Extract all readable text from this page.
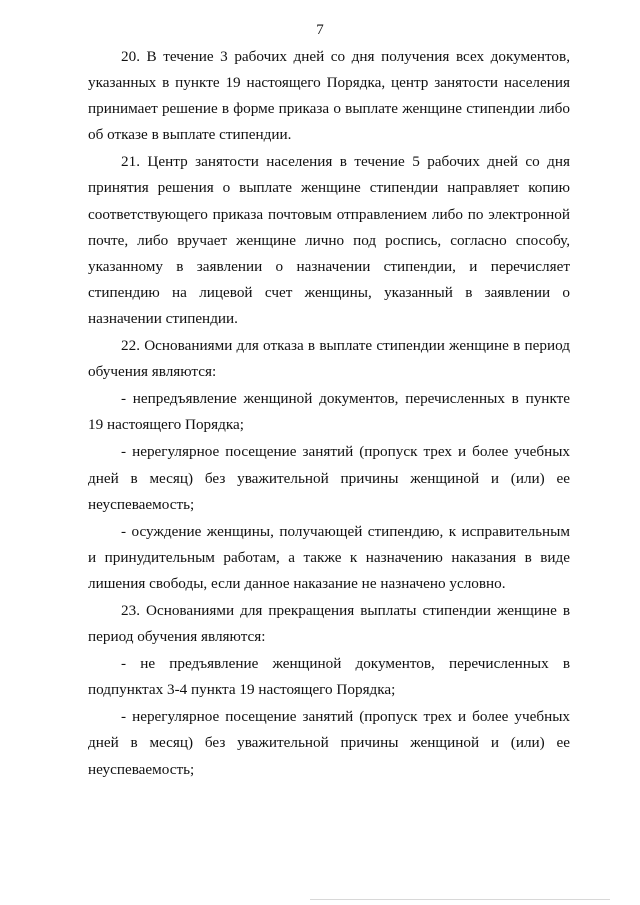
7

20. В течение 3 рабочих дней со дня получения всех документов, указанных в пункте 19 настоящего Порядка, центр занятости населения принимает решение в форме приказа о выплате женщине стипендии либо об отказе в выплате стипендии.

21. Центр занятости населения в течение 5 рабочих дней со дня принятия решения о выплате женщине стипендии направляет копию соответствующего приказа почтовым отправлением либо по электронной почте, либо вручает женщине лично под роспись, согласно способу, указанному в заявлении о назначении стипендии, и перечисляет стипендию на лицевой счет женщины, указанный в заявлении о назначении стипендии.

22. Основаниями для отказа в выплате стипендии женщине в период обучения являются:

- непредъявление женщиной документов, перечисленных в пункте 19 настоящего Порядка;

- нерегулярное посещение занятий (пропуск трех и более учебных дней в месяц) без уважительной причины женщиной и (или) ее неуспеваемость;

- осуждение женщины, получающей стипендию, к исправительным и принудительным работам, а также к назначению наказания в виде лишения свободы, если данное наказание не назначено условно.

23. Основаниями для прекращения выплаты стипендии женщине в период обучения являются:

- не предъявление женщиной документов, перечисленных в подпунктах 3-4 пункта 19 настоящего Порядка;

- нерегулярное посещение занятий (пропуск трех и более учебных дней в месяц) без уважительной причины женщиной и (или) ее неуспеваемость;
